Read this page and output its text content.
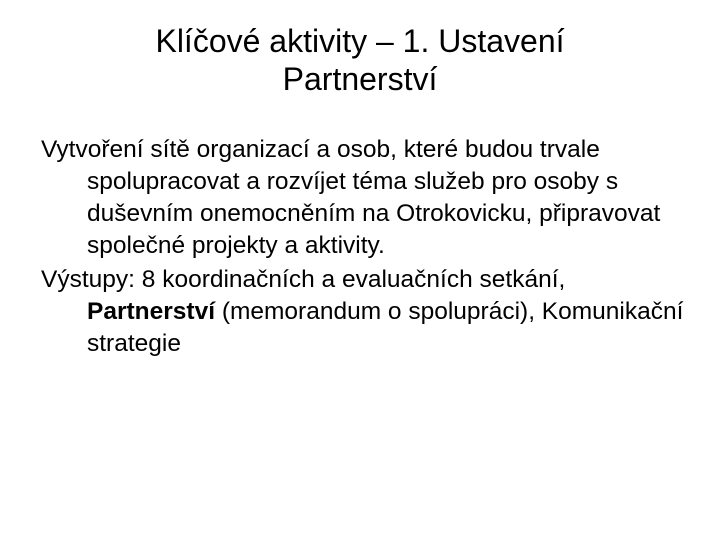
Klíčové aktivity – 1. Ustavení
Partnerství

Vytvoření sítě organizací a osob, které budou trvale spolupracovat a rozvíjet téma služeb pro osoby s duševním onemocněním na Otrokovicku, připravovat společné projekty a aktivity.

Výstupy: 8 koordinačních a evaluačních setkání, Partnerství (memorandum o spolupráci), Komunikační strategie
